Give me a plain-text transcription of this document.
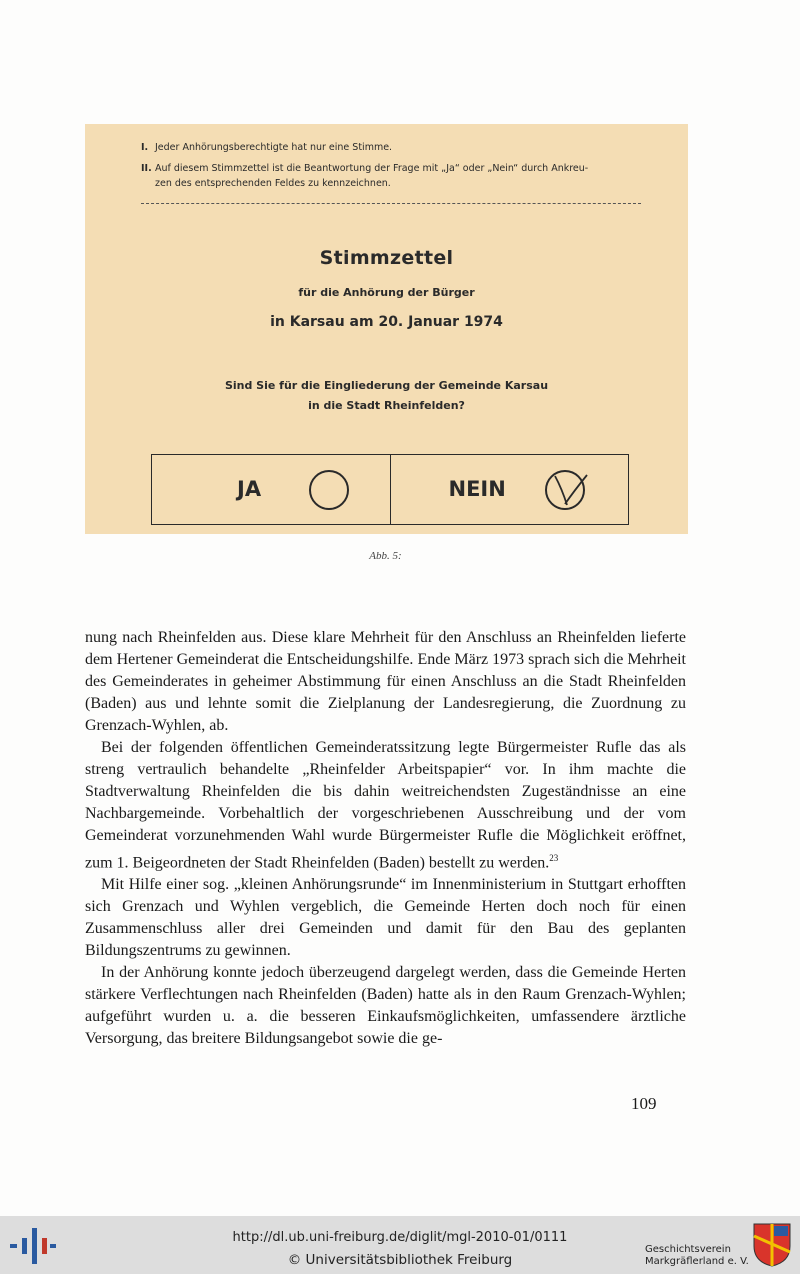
I. Jeder Anhörungsberechtigte hat nur eine Stimme.
II. Auf diesem Stimmzettel ist die Beantwortung der Frage mit „Ja“ oder „Nein“ durch Ankreu-
zen des entsprechenden Feldes zu kennzeichnen.
Stimmzettel
für die Anhörung der Bürger
in Karsau am 20. Januar 1974
Sind Sie für die Eingliederung der Gemeinde Karsau
in die Stadt Rheinfelden?
JA	NEIN
Abb. 5:

nung nach Rheinfelden aus. Diese klare Mehrheit für den Anschluss an Rheinfelden lieferte dem Hertener Gemeinderat die Entscheidungshilfe. Ende März 1973 sprach sich die Mehrheit des Gemeinderates in geheimer Abstimmung für einen Anschluss an die Stadt Rheinfelden (Baden) aus und lehnte somit die Zielplanung der Landesregierung, die Zuordnung zu Grenzach-Wyhlen, ab.

Bei der folgenden öffentlichen Gemeinderatssitzung legte Bürgermeister Rufle das als streng vertraulich behandelte „Rheinfelder Arbeitspapier“ vor. In ihm machte die Stadtverwaltung Rheinfelden die bis dahin weitreichendsten Zugeständnisse an eine Nachbargemeinde. Vorbehaltlich der vorgeschriebenen Ausschreibung und der vom Gemeinderat vorzunehmenden Wahl wurde Bürgermeister Rufle die Möglichkeit eröffnet, zum 1. Beigeordneten der Stadt Rheinfelden (Baden) bestellt zu werden.$^{23}$

Mit Hilfe einer sog. „kleinen Anhörungsrunde“ im Innenministerium in Stuttgart erhofften sich Grenzach und Wyhlen vergeblich, die Gemeinde Herten doch noch für einen Zusammenschluss aller drei Gemeinden und damit für den Bau des geplanten Bildungszentrums zu gewinnen.

In der Anhörung konnte jedoch überzeugend dargelegt werden, dass die Gemeinde Herten stärkere Verflechtungen nach Rheinfelden (Baden) hatte als in den Raum Grenzach-Wyhlen; aufgeführt wurden u. a. die besseren Einkaufsmöglichkeiten, umfassendere ärztliche Versorgung, das breitere Bildungsangebot sowie die ge-

109
http://dl.ub.uni-freiburg.de/diglit/mgl-2010-01/0111
© Universitätsbibliothek Freiburg
Geschichtsverein
Markgräflerland e. V.
